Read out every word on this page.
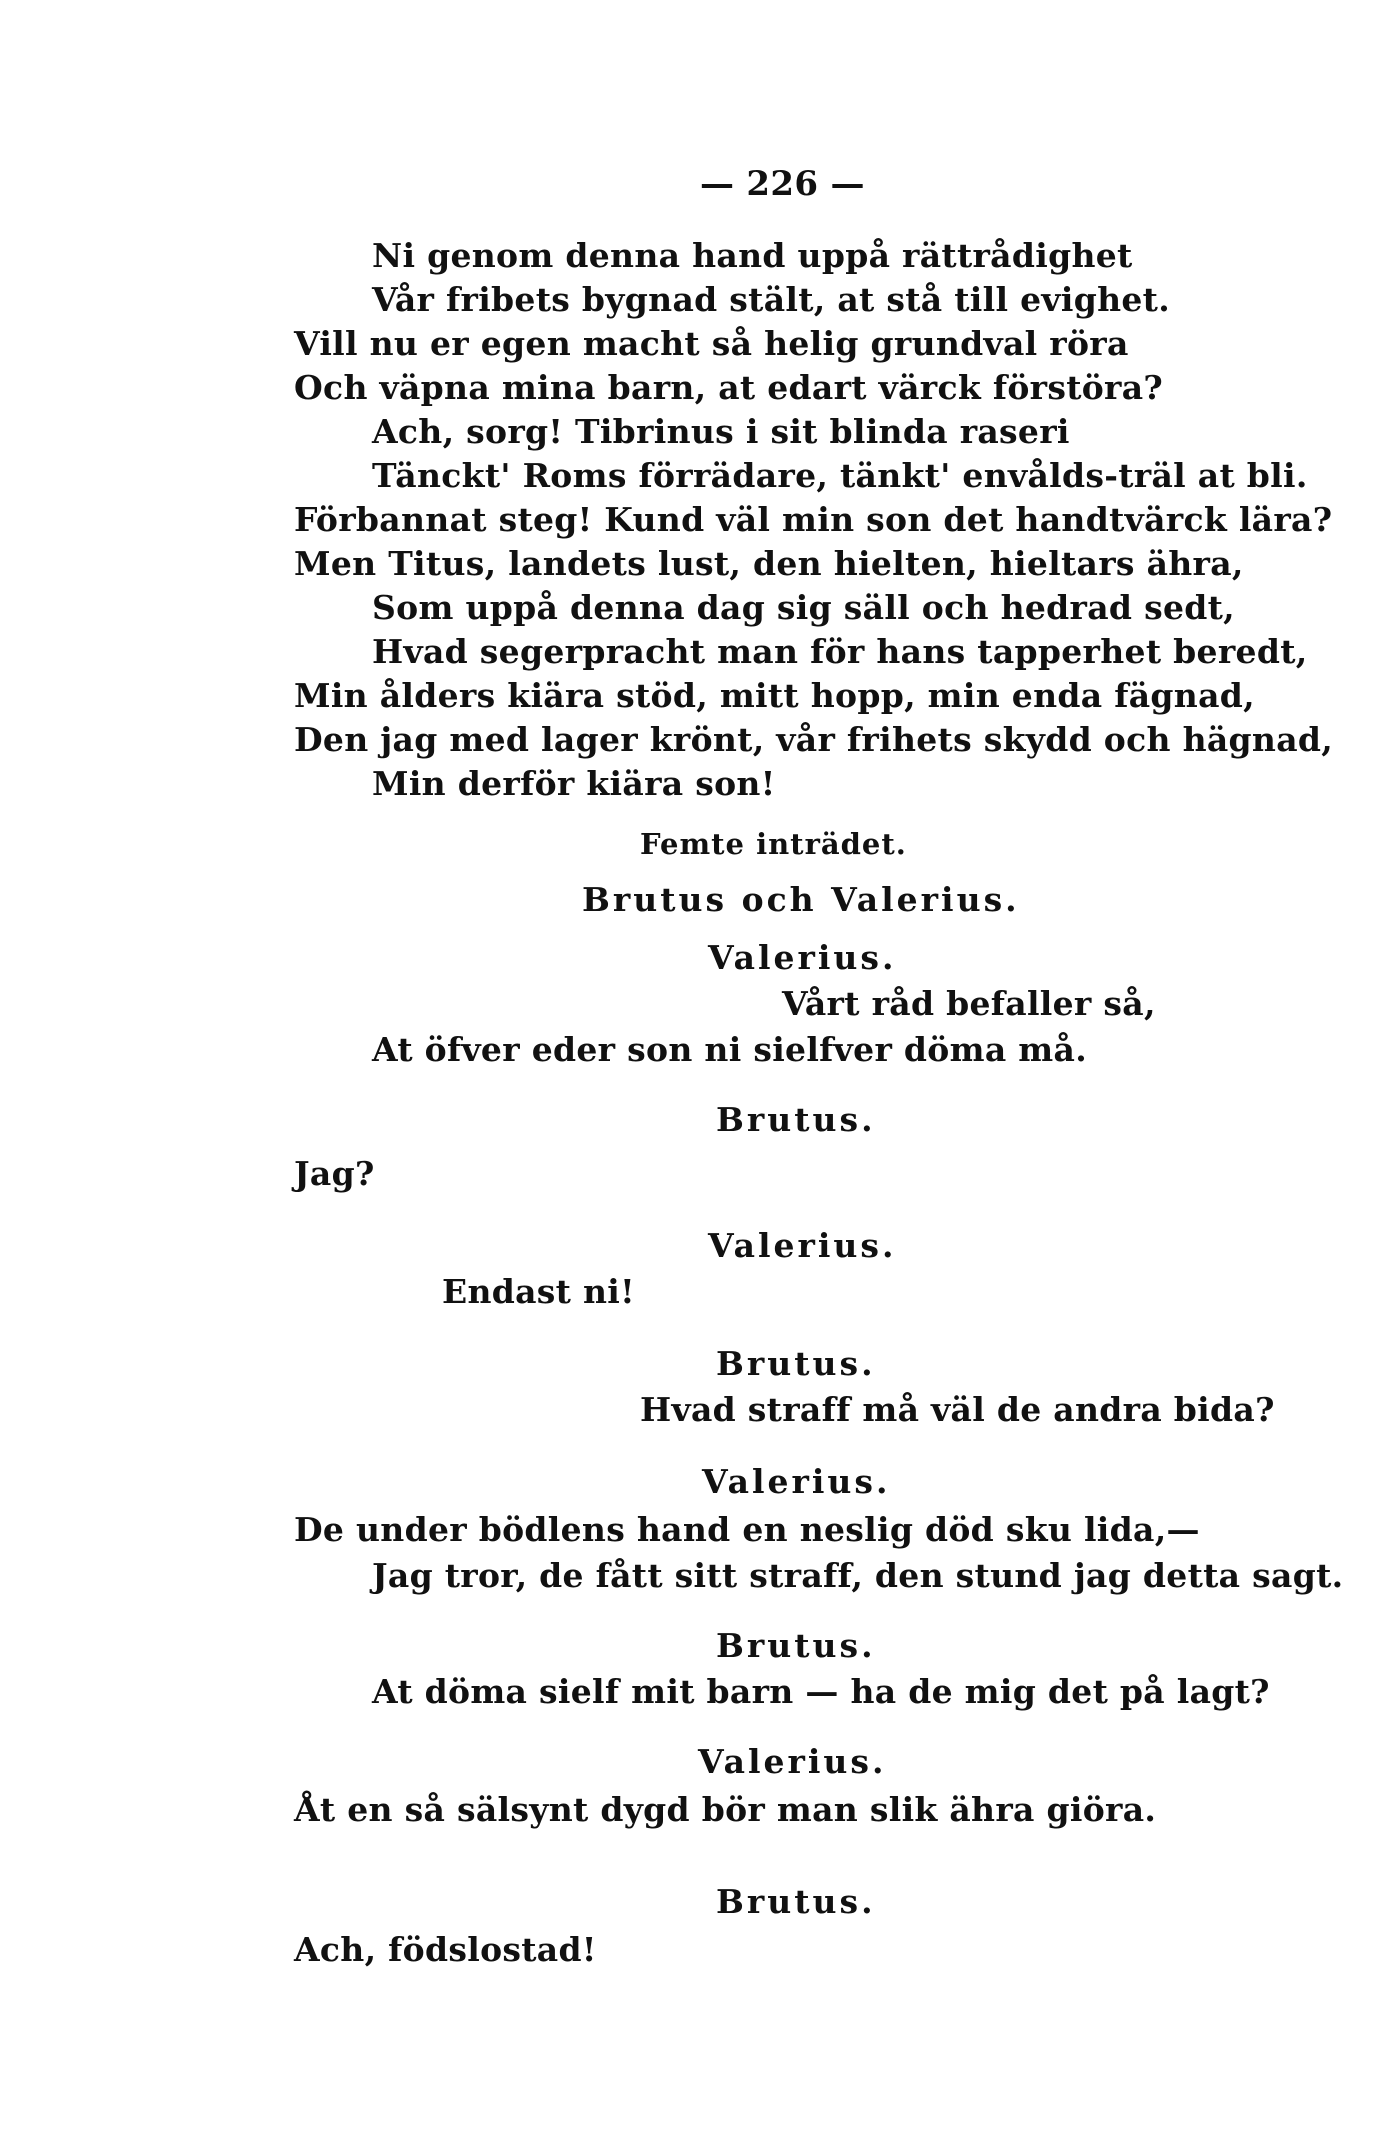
— 226 —
Ni genom denna hand uppå rättrådighet
Vår fribets bygnad stält, at stå till evighet.
Vill nu er egen macht så helig grundval röra
Och väpna mina barn, at edart värck förstöra?
Ach, sorg! Tibrinus i sit blinda raseri
Tänckt' Roms förrädare, tänkt' envålds-träl at bli.
Förbannat steg! Kund väl min son det handtvärck lära?
Men Titus, landets lust, den hielten, hieltars ähra,
Som uppå denna dag sig säll och hedrad sedt,
Hvad segerpracht man för hans tapperhet beredt,
Min ålders kiära stöd, mitt hopp, min enda fägnad,
Den jag med lager krönt, vår frihets skydd och hägnad,
Min derför kiära son!
Femte inträdet.
Brutus och Valerius.
Valerius.
Vårt råd befaller så,
At öfver eder son ni sielfver döma må.
Brutus.
Jag?
Valerius.
Endast ni!
Brutus.
Hvad straff må väl de andra bida?
Valerius.
De under bödlens hand en neslig död sku lida,—
Jag tror, de fått sitt straff, den stund jag detta sagt.
Brutus.
At döma sielf mit barn — ha de mig det på lagt?
Valerius.
Åt en så sälsynt dygd bör man slik ähra giöra.
Brutus.
Ach, födslostad!
